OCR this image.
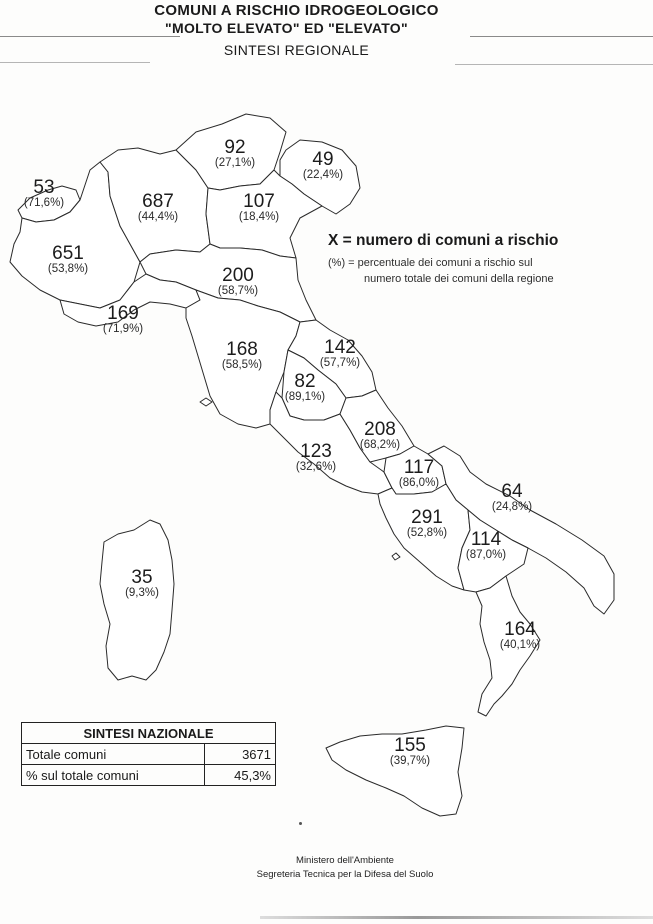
COMUNI A RISCHIO IDROGEOLOGICO
"MOLTO ELEVATO" ED "ELEVATO"
SINTESI REGIONALE
53
(71,6%)
651
(53,8%)
687
(44,4%)
92
(27,1%)	49
(22,4%)
107
(18,4%)
200
(58,7%)
169
(71,9%)
168
(58,5%)
142
(57,7%)
82
(89,1%)
208
(68,2%)
123
(32,6%)	117
(86,0%)	64
(24,8%)
291
(52,8%)	114
(87,0%)
164
(40,1%)
35
(9,3%)
155
(39,7%)
X = numero di comuni a rischio
(%) = percentuale dei comuni a rischio sul
numero totale dei comuni della regione
SINTESI NAZIONALE	
Totale comuni	3671
% sul totale comuni	45,3%
Ministero dell'Ambiente
Segreteria Tecnica per la Difesa del Suolo
